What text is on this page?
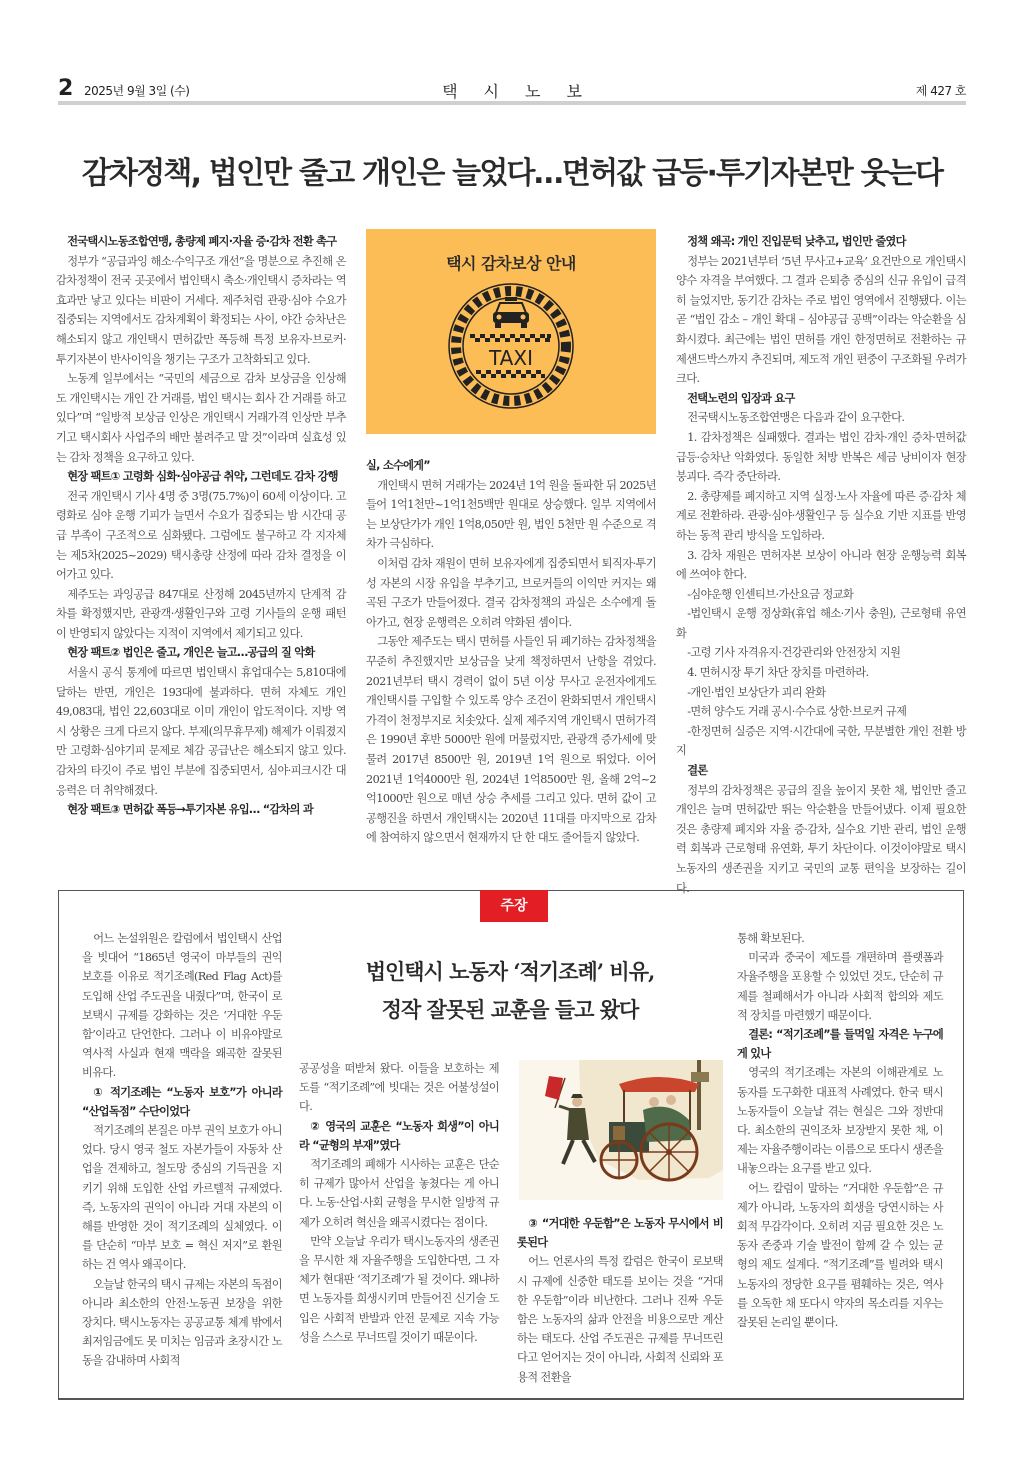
2 2025년 9월 3일 (수)	택시노보	제 427 호
감차정책, 법인만 줄고 개인은 늘었다…면허값 급등·투기자본만 웃는다

전국택시노동조합연맹, 총량제 폐지·자율 증·감차 전환 촉구

정부가 “공급과잉 해소·수익구조 개선”을 명분으로 추진해 온 감차정책이 전국 곳곳에서 법인택시 축소·개인택시 증차라는 역효과만 낳고 있다는 비판이 거세다. 제주처럼 관광·심야 수요가 집중되는 지역에서도 감차계획이 확정되는 사이, 야간 승차난은 해소되지 않고 개인택시 면허값만 폭등해 특정 보유자·브로커·투기자본이 반사이익을 챙기는 구조가 고착화되고 있다.

노동계 일부에서는 “국민의 세금으로 감차 보상금을 인상해도 개인택시는 개인 간 거래를, 법인 택시는 회사 간 거래를 하고 있다”며 “일방적 보상금 인상은 개인택시 거래가격 인상만 부추기고 택시회사 사업주의 배만 불려주고 말 것”이라며 실효성 있는 감차 정책을 요구하고 있다.

현장 팩트① 고령화 심화·심야공급 취약, 그런데도 감차 강행

전국 개인택시 기사 4명 중 3명(75.7%)이 60세 이상이다. 고령화로 심야 운행 기피가 늘면서 수요가 집중되는 밤 시간대 공급 부족이 구조적으로 심화됐다. 그럼에도 불구하고 각 지자체는 제5차(2025~2029) 택시총량 산정에 따라 감차 결정을 이어가고 있다.

제주도는 과잉공급 847대로 산정해 2045년까지 단계적 감차를 확정했지만, 관광객·생활인구와 고령 기사들의 운행 패턴이 반영되지 않았다는 지적이 지역에서 제기되고 있다.

현장 팩트② 법인은 줄고, 개인은 늘고…공급의 질 악화

서울시 공식 통계에 따르면 법인택시 휴업대수는 5,810대에 달하는 반면, 개인은 193대에 불과하다. 면허 자체도 개인 49,083대, 법인 22,603대로 이미 개인이 압도적이다. 지방 역시 상황은 크게 다르지 않다. 부제(의무휴무제) 해제가 이뤄졌지만 고령화·심야기피 문제로 체감 공급난은 해소되지 않고 있다. 감차의 타깃이 주로 법인 부분에 집중되면서, 심야·피크시간 대응력은 더 취약해졌다.

현장 팩트③ 면허값 폭등→투기자본 유입… “감차의 과

택시 감차보상 안내
TAXI

실, 소수에게”

개인택시 면허 거래가는 2024년 1억 원을 돌파한 뒤 2025년 들어 1억1천만~1억1천5백만 원대로 상승했다. 일부 지역에서는 보상단가가 개인 1억8,050만 원, 법인 5천만 원 수준으로 격차가 극심하다.

이처럼 감차 재원이 면허 보유자에게 집중되면서 퇴직자·투기성 자본의 시장 유입을 부추기고, 브로커들의 이익만 커지는 왜곡된 구조가 만들어졌다. 결국 감차정책의 과실은 소수에게 돌아가고, 현장 운행력은 오히려 약화된 셈이다.

그동안 제주도는 택시 면허를 사들인 뒤 폐기하는 감차정책을 꾸준히 추진했지만 보상금을 낮게 책정하면서 난항을 겪었다. 2021년부터 택시 경력이 없이 5년 이상 무사고 운전자에게도 개인택시를 구입할 수 있도록 양수 조건이 완화되면서 개인택시 가격이 천정부지로 치솟았다. 실제 제주지역 개인택시 면허가격은 1990년 후반 5000만 원에 머물렀지만, 관광객 증가세에 맞물려 2017년 8500만 원, 2019년 1억 원으로 뛰었다. 이어 2021년 1억4000만 원, 2024년 1억8500만 원, 올해 2억~2억1000만 원으로 매년 상승 추세를 그리고 있다. 면허 값이 고공행진을 하면서 개인택시는 2020년 11대를 마지막으로 감차에 참여하지 않으면서 현재까지 단 한 대도 줄어들지 않았다.

정책 왜곡: 개인 진입문턱 낮추고, 법인만 줄였다

정부는 2021년부터 ‘5년 무사고+교육’ 요건만으로 개인택시 양수 자격을 부여했다. 그 결과 은퇴층 중심의 신규 유입이 급격히 늘었지만, 동기간 감차는 주로 법인 영역에서 진행됐다. 이는 곧 “법인 감소 – 개인 확대 – 심야공급 공백”이라는 악순환을 심화시켰다. 최근에는 법인 면허를 개인 한정면허로 전환하는 규제샌드박스까지 추진되며, 제도적 개인 편중이 구조화될 우려가 크다.

전택노련의 입장과 요구

전국택시노동조합연맹은 다음과 같이 요구한다.

1. 감차정책은 실패했다. 결과는 법인 감차·개인 증차·면허값 급등·승차난 악화였다. 동일한 처방 반복은 세금 낭비이자 현장 붕괴다. 즉각 중단하라.

2. 총량제를 폐지하고 지역 실정·노사 자율에 따른 증·감차 체계로 전환하라. 관광·심야·생활인구 등 실수요 기반 지표를 반영하는 동적 관리 방식을 도입하라.

3. 감차 재원은 면허자본 보상이 아니라 현장 운행능력 회복에 쓰여야 한다.

-심야운행 인센티브·가산요금 정교화

-법인택시 운행 정상화(휴업 해소·기사 충원), 근로형태 유연화

-고령 기사 자격유지·건강관리와 안전장치 지원

4. 면허시장 투기 차단 장치를 마련하라.

-개인·법인 보상단가 괴리 완화

-면허 양수도 거래 공시·수수료 상한·브로커 규제

-한정면허 실증은 지역·시간대에 국한, 무분별한 개인 전환 방지

결론

정부의 감차정책은 공급의 질을 높이지 못한 채, 법인만 줄고 개인은 늘며 면허값만 뛰는 악순환을 만들어냈다. 이제 필요한 것은 총량제 폐지와 자율 증·감차, 실수요 기반 관리, 법인 운행력 회복과 근로형태 유연화, 투기 차단이다. 이것이야말로 택시노동자의 생존권을 지키고 국민의 교통 편익을 보장하는 길이다.

주장
법인택시 노동자 ‘적기조례’ 비유,
정작 잘못된 교훈을 들고 왔다

어느 논설위원은 칼럼에서 법인택시 산업을 빗대어 “1865년 영국이 마부들의 권익 보호를 이유로 적기조례(Red Flag Act)를 도입해 산업 주도권을 내줬다”며, 한국이 로보택시 규제를 강화하는 것은 ‘거대한 우둔함’이라고 단언한다. 그러나 이 비유야말로 역사적 사실과 현재 맥락을 왜곡한 잘못된 비유다.

① 적기조례는 “노동자 보호”가 아니라 “산업독점” 수단이었다

적기조례의 본질은 마부 권익 보호가 아니었다. 당시 영국 철도 자본가들이 자동차 산업을 견제하고, 철도망 중심의 기득권을 지키기 위해 도입한 산업 카르텔적 규제였다. 즉, 노동자의 권익이 아니라 거대 자본의 이해를 반영한 것이 적기조례의 실체였다. 이를 단순히 “마부 보호 = 혁신 저지”로 환원하는 건 역사 왜곡이다.

오늘날 한국의 택시 규제는 자본의 독점이 아니라 최소한의 안전·노동권 보장을 위한 장치다. 택시노동자는 공공교통 체계 밖에서 최저임금에도 못 미치는 임금과 초장시간 노동을 감내하며 사회적

공공성을 떠받쳐 왔다. 이들을 보호하는 제도를 “적기조례”에 빗대는 것은 어불성설이다.

② 영국의 교훈은 “노동자 희생”이 아니라 “균형의 부재”였다

적기조례의 폐해가 시사하는 교훈은 단순히 규제가 많아서 산업을 놓쳤다는 게 아니다. 노동·산업·사회 균형을 무시한 일방적 규제가 오히려 혁신을 왜곡시켰다는 점이다.

만약 오늘날 우리가 택시노동자의 생존권을 무시한 채 자율주행을 도입한다면, 그 자체가 현대판 ‘적기조례’가 될 것이다. 왜냐하면 노동자를 희생시키며 만들어진 신기술 도입은 사회적 반발과 안전 문제로 지속 가능성을 스스로 무너뜨릴 것이기 때문이다.

③ “거대한 우둔함”은 노동자 무시에서 비롯된다

어느 언론사의 특정 칼럼은 한국이 로보택시 규제에 신중한 태도를 보이는 것을 “거대한 우둔함”이라 비난한다. 그러나 진짜 우둔함은 노동자의 삶과 안전을 비용으로만 계산하는 태도다. 산업 주도권은 규제를 무너뜨린다고 얻어지는 것이 아니라, 사회적 신뢰와 포용적 전환을

통해 확보된다.

미국과 중국이 제도를 개편하며 플랫폼과 자율주행을 포용할 수 있었던 것도, 단순히 규제를 철폐해서가 아니라 사회적 합의와 제도적 장치를 마련했기 때문이다.

결론: “적기조례”를 들먹일 자격은 누구에게 있나

영국의 적기조례는 자본의 이해관계로 노동자를 도구화한 대표적 사례였다. 한국 택시노동자들이 오늘날 겪는 현실은 그와 정반대다. 최소한의 권익조차 보장받지 못한 채, 이제는 자율주행이라는 이름으로 또다시 생존을 내놓으라는 요구를 받고 있다.

어느 칼럼이 말하는 “거대한 우둔함”은 규제가 아니라, 노동자의 희생을 당연시하는 사회적 무감각이다. 오히려 지금 필요한 것은 노동자 존중과 기술 발전이 함께 갈 수 있는 균형의 제도 설계다. “적기조례”를 빌려와 택시노동자의 정당한 요구를 폄훼하는 것은, 역사를 오독한 채 또다시 약자의 목소리를 지우는 잘못된 논리일 뿐이다.
